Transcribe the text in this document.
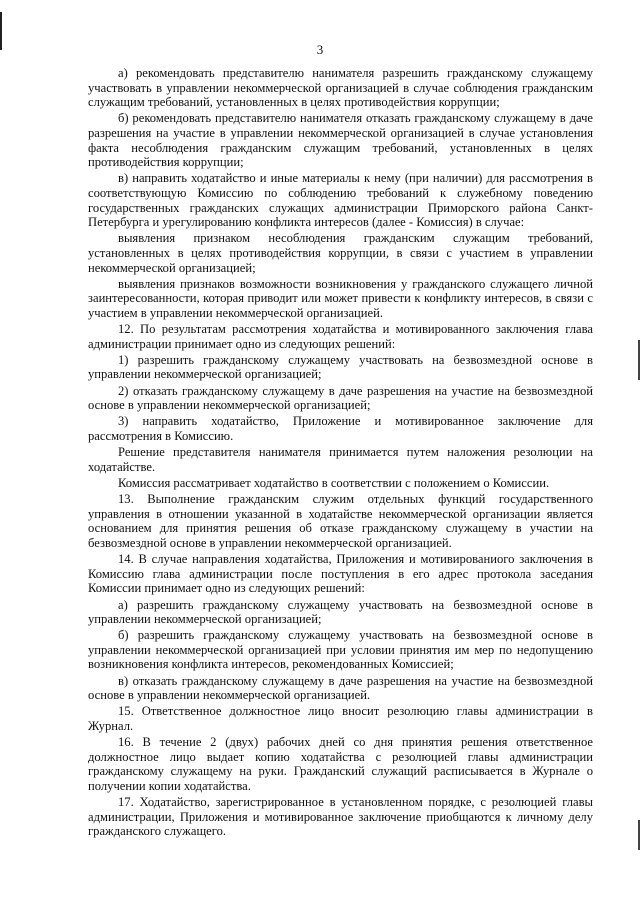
3

а) рекомендовать представителю нанимателя разрешить гражданскому служащему участвовать в управлении некоммерческой организацией в случае соблюдения гражданским служащим требований, установленных в целях противодействия коррупции;

б) рекомендовать представителю нанимателя отказать гражданскому служащему в даче разрешения на участие в управлении некоммерческой организацией в случае установления факта несоблюдения гражданским служащим требований, установленных в целях противодействия коррупции;

в) направить ходатайство и иные материалы к нему (при наличии) для рассмотрения в соответствующую Комиссию по соблюдению требований к служебному поведению государственных гражданских служащих администрации Приморского района Санкт-Петербурга и урегулированию конфликта интересов (далее - Комиссия) в случае:

выявления признаком несоблюдения гражданским служащим требований, установленных в целях противодействия коррупции, в связи с участием в управлении некоммерческой организацией;

выявления признаков возможности возникновения у гражданского служащего личной заинтересованности, которая приводит или может привести к конфликту интересов, в связи с участием в управлении некоммерческой организацией.

12. По результатам рассмотрения ходатайства и мотивированного заключения глава администрации принимает одно из следующих решений:

1) разрешить гражданскому служащему участвовать на безвозмездной основе в управлении некоммерческой организацией;

2) отказать гражданскому служащему в даче разрешения на участие на безвозмездной основе в управлении некоммерческой организацией;

3) направить ходатайство, Приложение и мотивированное заключение для рассмотрения в Комиссию.

Решение представителя нанимателя принимается путем наложения резолюции на ходатайстве.

Комиссия рассматривает ходатайство в соответствии с положением о Комиссии.

13. Выполнение гражданским служим отдельных функций государственного управления в отношении указанной в ходатайстве некоммерческой организации является основанием для принятия решения об отказе гражданскому служащему в участии на безвозмездной основе в управлении некоммерческой организацией.

14. В случае направления ходатайства, Приложения и мотивированиого заключения в Комиссию глава администрации после поступления в его адрес протокола заседания Комиссии принимает одно из следующих решений:

а) разрешить гражданскому служащему участвовать на безвозмездной основе в управлении некоммерческой организацией;

б) разрешить гражданскому служащему участвовать на безвозмездной основе в управлении некоммерческой организацией при условии принятия им мер по недопущению возникновения конфликта интересов, рекомендованных Комиссией;

в) отказать гражданскому служащему в даче разрешения на участие на безвозмездной основе в управлении некоммерческой организацией.

15. Ответственное должностное лицо вносит резолюцию главы администрации в Журнал.

16. В течение 2 (двух) рабочих дней со дня принятия решения ответственное должностное лицо выдает копию ходатайства с резолюцией главы администрации гражданскому служащему на руки. Гражданский служащий расписывается в Журнале о получении копии ходатайства.

17. Ходатайство, зарегистрированное в установленном порядке, с резолюцией главы администрации, Приложения и мотивированное заключение приобщаются к личному делу гражданского служащего.
